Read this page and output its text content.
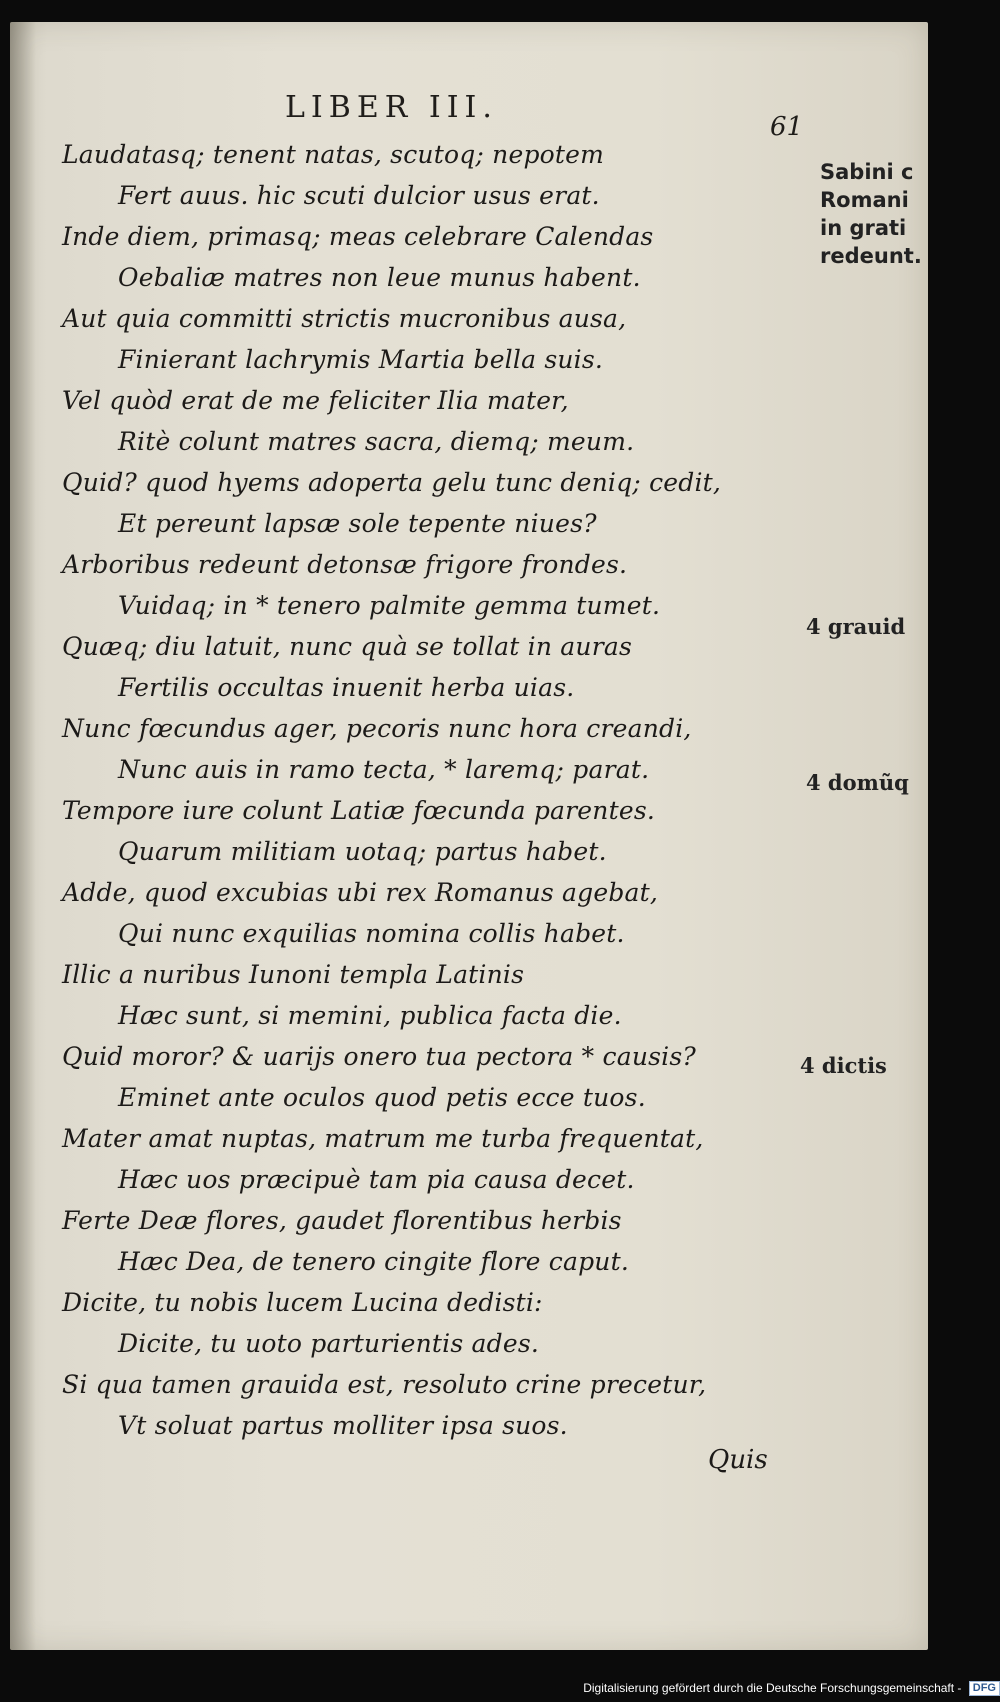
LIBER III.
61
Laudatasq; tenent natas, scutoq; nepotem
Fert auus. hic scuti dulcior usus erat.
Inde diem, primasq; meas celebrare Calendas
Oebaliæ matres non leue munus habent.
Aut quia committi strictis mucronibus ausa,
Finierant lachrymis Martia bella suis.
Vel quòd erat de me feliciter Ilia mater,
Ritè colunt matres sacra, diemq; meum.
Quid? quod hyems adoperta gelu tunc deniq; cedit,
Et pereunt lapsæ sole tepente niues?
Arboribus redeunt detonsæ frigore frondes.
Vuidaq; in * tenero palmite gemma tumet.
Quæq; diu latuit, nunc quà se tollat in auras
Fertilis occultas inuenit herba uias.
Nunc fœcundus ager, pecoris nunc hora creandi,
Nunc auis in ramo tecta, * laremq; parat.
Tempore iure colunt Latiæ fœcunda parentes.
Quarum militiam uotaq; partus habet.
Adde, quod excubias ubi rex Romanus agebat,
Qui nunc exquilias nomina collis habet.
Illic a nuribus Iunoni templa Latinis
Hæc sunt, si memini, publica facta die.
Quid moror? & uarijs onero tua pectora * causis?
Eminet ante oculos quod petis ecce tuos.
Mater amat nuptas, matrum me turba frequentat,
Hæc uos præcipuè tam pia causa decet.
Ferte Deæ flores, gaudet florentibus herbis
Hæc Dea, de tenero cingite flore caput.
Dicite, tu nobis lucem Lucina dedisti:
Dicite, tu uoto parturientis ades.
Si qua tamen grauida est, resoluto crine precetur,
Vt soluat partus molliter ipsa suos.
Quis
Sabini c
Romani
in grati
redeunt.
4 grauid
4 domũq
4 dictis
Digitalisierung gefördert durch die Deutsche Forschungsgemeinschaft - DFG
